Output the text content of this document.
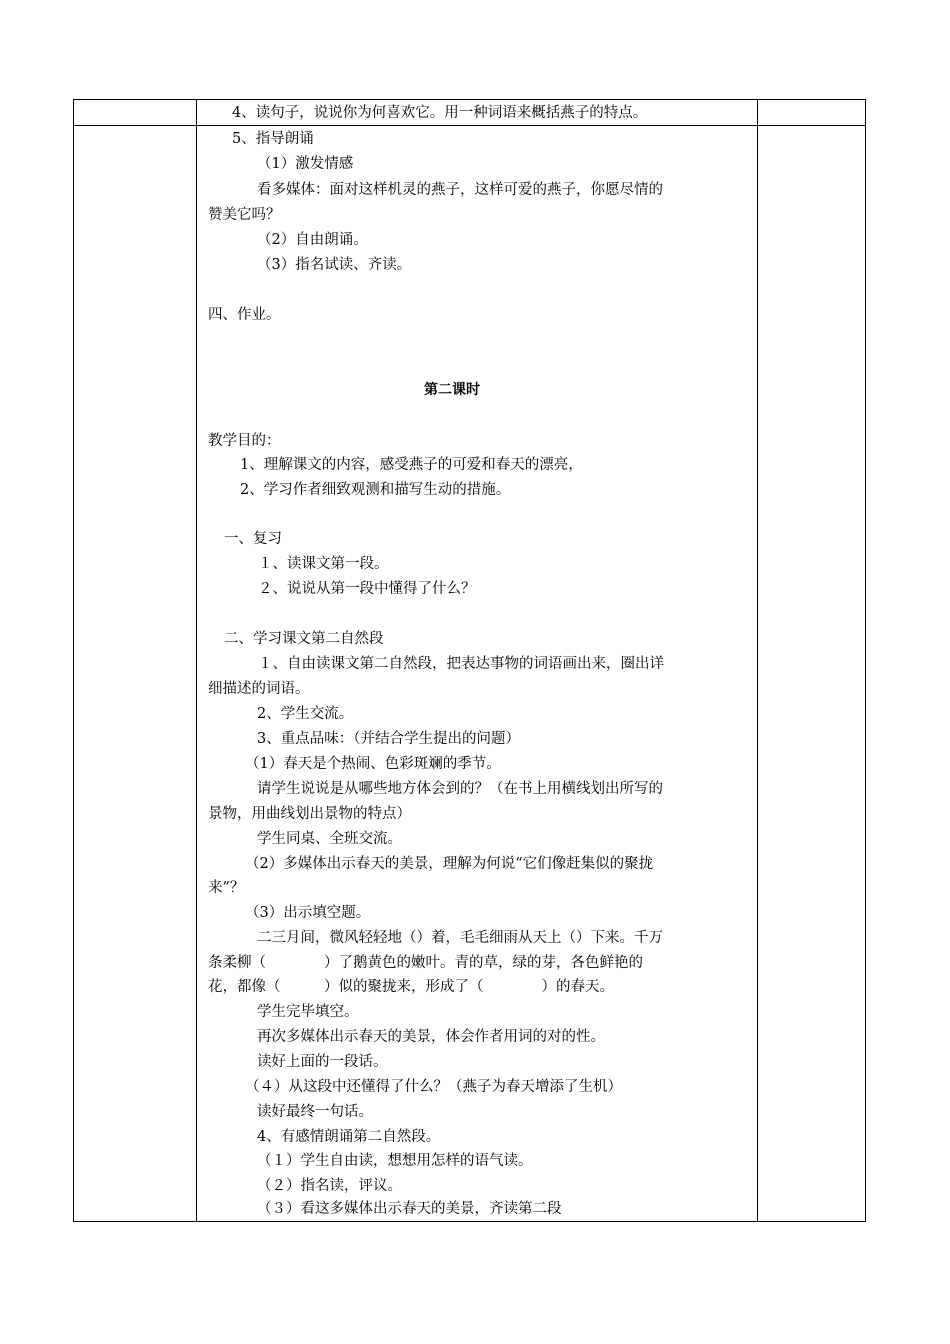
4、读句子，说说你为何喜欢它。用一种词语来概括燕子的特点。
5、指导朗诵
（1）激发情感
看多媒体：面对这样机灵的燕子，这样可爱的燕子，你愿尽情的
赞美它吗？
（2）自由朗诵。
（3）指名试读、齐读。
四、作业。
第二课时
教学目的：
1、理解课文的内容，感受燕子的可爱和春天的漂亮，
2、学习作者细致观测和描写生动的措施。
一、复习
１、读课文第一段。
２、说说从第一段中懂得了什么？
二、学习课文第二自然段
１、自由读课文第二自然段，把表达事物的词语画出来，圈出详
细描述的词语。
2、学生交流。
3、重点品味：（并结合学生提出的问题）
（1）春天是个热闹、色彩斑斓的季节。
请学生说说是从哪些地方体会到的？（在书上用横线划出所写的
景物，用曲线划出景物的特点）
学生同桌、全班交流。
（2）多媒体出示春天的美景，理解为何说“它们像赶集似的聚拢
来”？
（3）出示填空题。
二三月间，微风轻轻地（）着，毛毛细雨从天上（）下来。千万
条柔柳（　　　　）了鹅黄色的嫩叶。青的草，绿的芽，各色鲜艳的
花，都像（　　　）似的聚拢来，形成了（　　　　）的春天。
学生完毕填空。
再次多媒体出示春天的美景，体会作者用词的对的性。
读好上面的一段话。
（４）从这段中还懂得了什么？（燕子为春天增添了生机）
读好最终一句话。
4、有感情朗诵第二自然段。
（１）学生自由读，想想用怎样的语气读。
（２）指名读，评议。
（３）看这多媒体出示春天的美景，齐读第二段
